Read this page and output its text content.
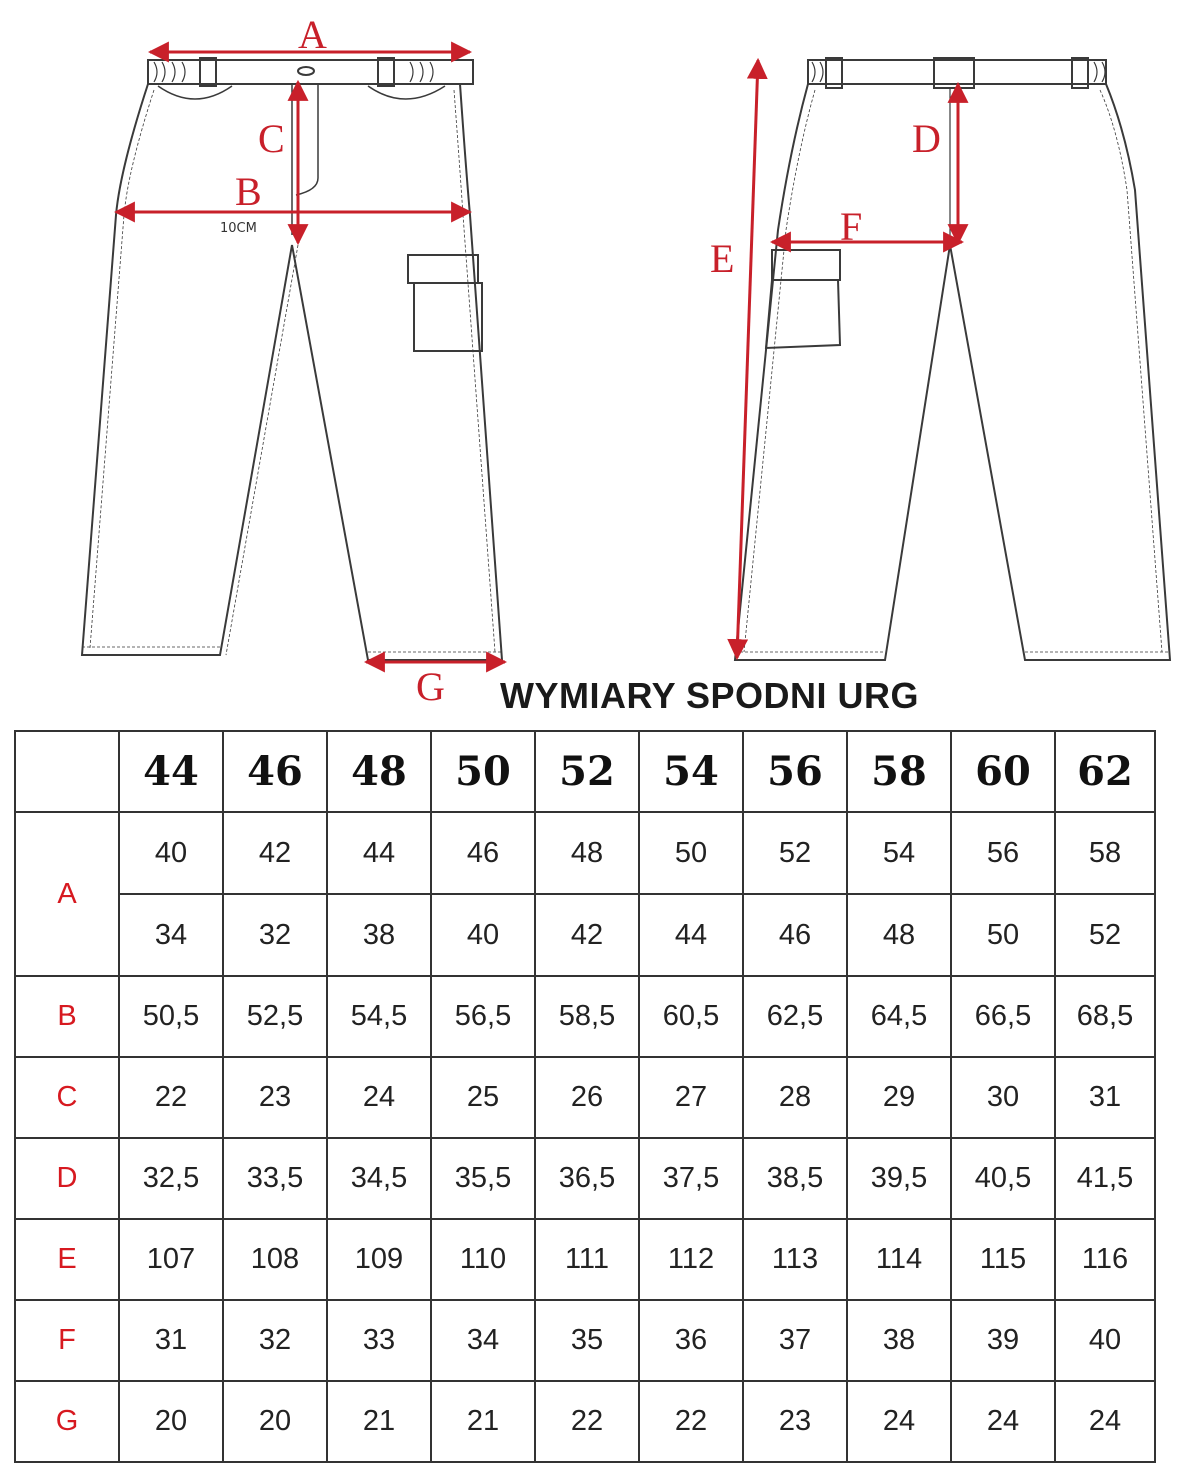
A
B
C	D
E
F
G
10CM
WYMIARY SPODNI URG
	44	46	48	50	52	54	56	58	60	62
A	40	42	44	46	48	50	52	54	56	58
	34	32	38	40	42	44	46	48	50	52
B	50,5	52,5	54,5	56,5	58,5	60,5	62,5	64,5	66,5	68,5
C	22	23	24	25	26	27	28	29	30	31
D	32,5	33,5	34,5	35,5	36,5	37,5	38,5	39,5	40,5	41,5
E	107	108	109	110	111	112	113	114	115	116
F	31	32	33	34	35	36	37	38	39	40
G	20	20	21	21	22	22	23	24	24	24
